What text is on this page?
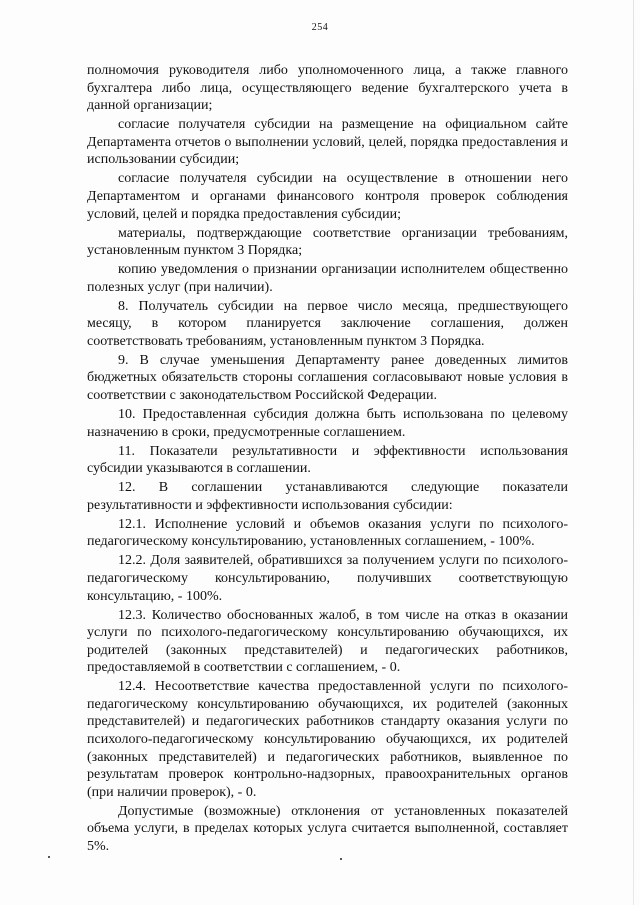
254

полномочия руководителя либо уполномоченного лица, а также главного бухгалтера либо лица, осуществляющего ведение бухгалтерского учета в данной организации;

согласие получателя субсидии на размещение на официальном сайте Департамента отчетов о выполнении условий, целей, порядка предоставления и использовании субсидии;

согласие получателя субсидии на осуществление в отношении него Департаментом и органами финансового контроля проверок соблюдения условий, целей и порядка предоставления субсидии;

материалы, подтверждающие соответствие организации требованиям, установленным пунктом 3 Порядка;

копию уведомления о признании организации исполнителем общественно полезных услуг (при наличии).

8. Получатель субсидии на первое число месяца, предшествующего месяцу, в котором планируется заключение соглашения, должен соответствовать требованиям, установленным пунктом 3 Порядка.

9. В случае уменьшения Департаменту ранее доведенных лимитов бюджетных обязательств стороны соглашения согласовывают новые условия в соответствии с законодательством Российской Федерации.

10. Предоставленная субсидия должна быть использована по целевому назначению в сроки, предусмотренные соглашением.

11. Показатели результативности и эффективности использования субсидии указываются в соглашении.

12. В соглашении устанавливаются следующие показатели результативности и эффективности использования субсидии:

12.1. Исполнение условий и объемов оказания услуги по психолого-педагогическому консультированию, установленных соглашением, - 100%.

12.2. Доля заявителей, обратившихся за получением услуги по психолого-педагогическому консультированию, получивших соответствующую консультацию, - 100%.

12.3. Количество обоснованных жалоб, в том числе на отказ в оказании услуги по психолого-педагогическому консультированию обучающихся, их родителей (законных представителей) и педагогических работников, предоставляемой в соответствии с соглашением, - 0.

12.4. Несоответствие качества предоставленной услуги по психолого-педагогическому консультированию обучающихся, их родителей (законных представителей) и педагогических работников стандарту оказания услуги по психолого-педагогическому консультированию обучающихся, их родителей (законных представителей) и педагогических работников, выявленное по результатам проверок контрольно-надзорных, правоохранительных органов (при наличии проверок), - 0.

Допустимые (возможные) отклонения от установленных показателей объема услуги, в пределах которых услуга считается выполненной, составляет 5%.
